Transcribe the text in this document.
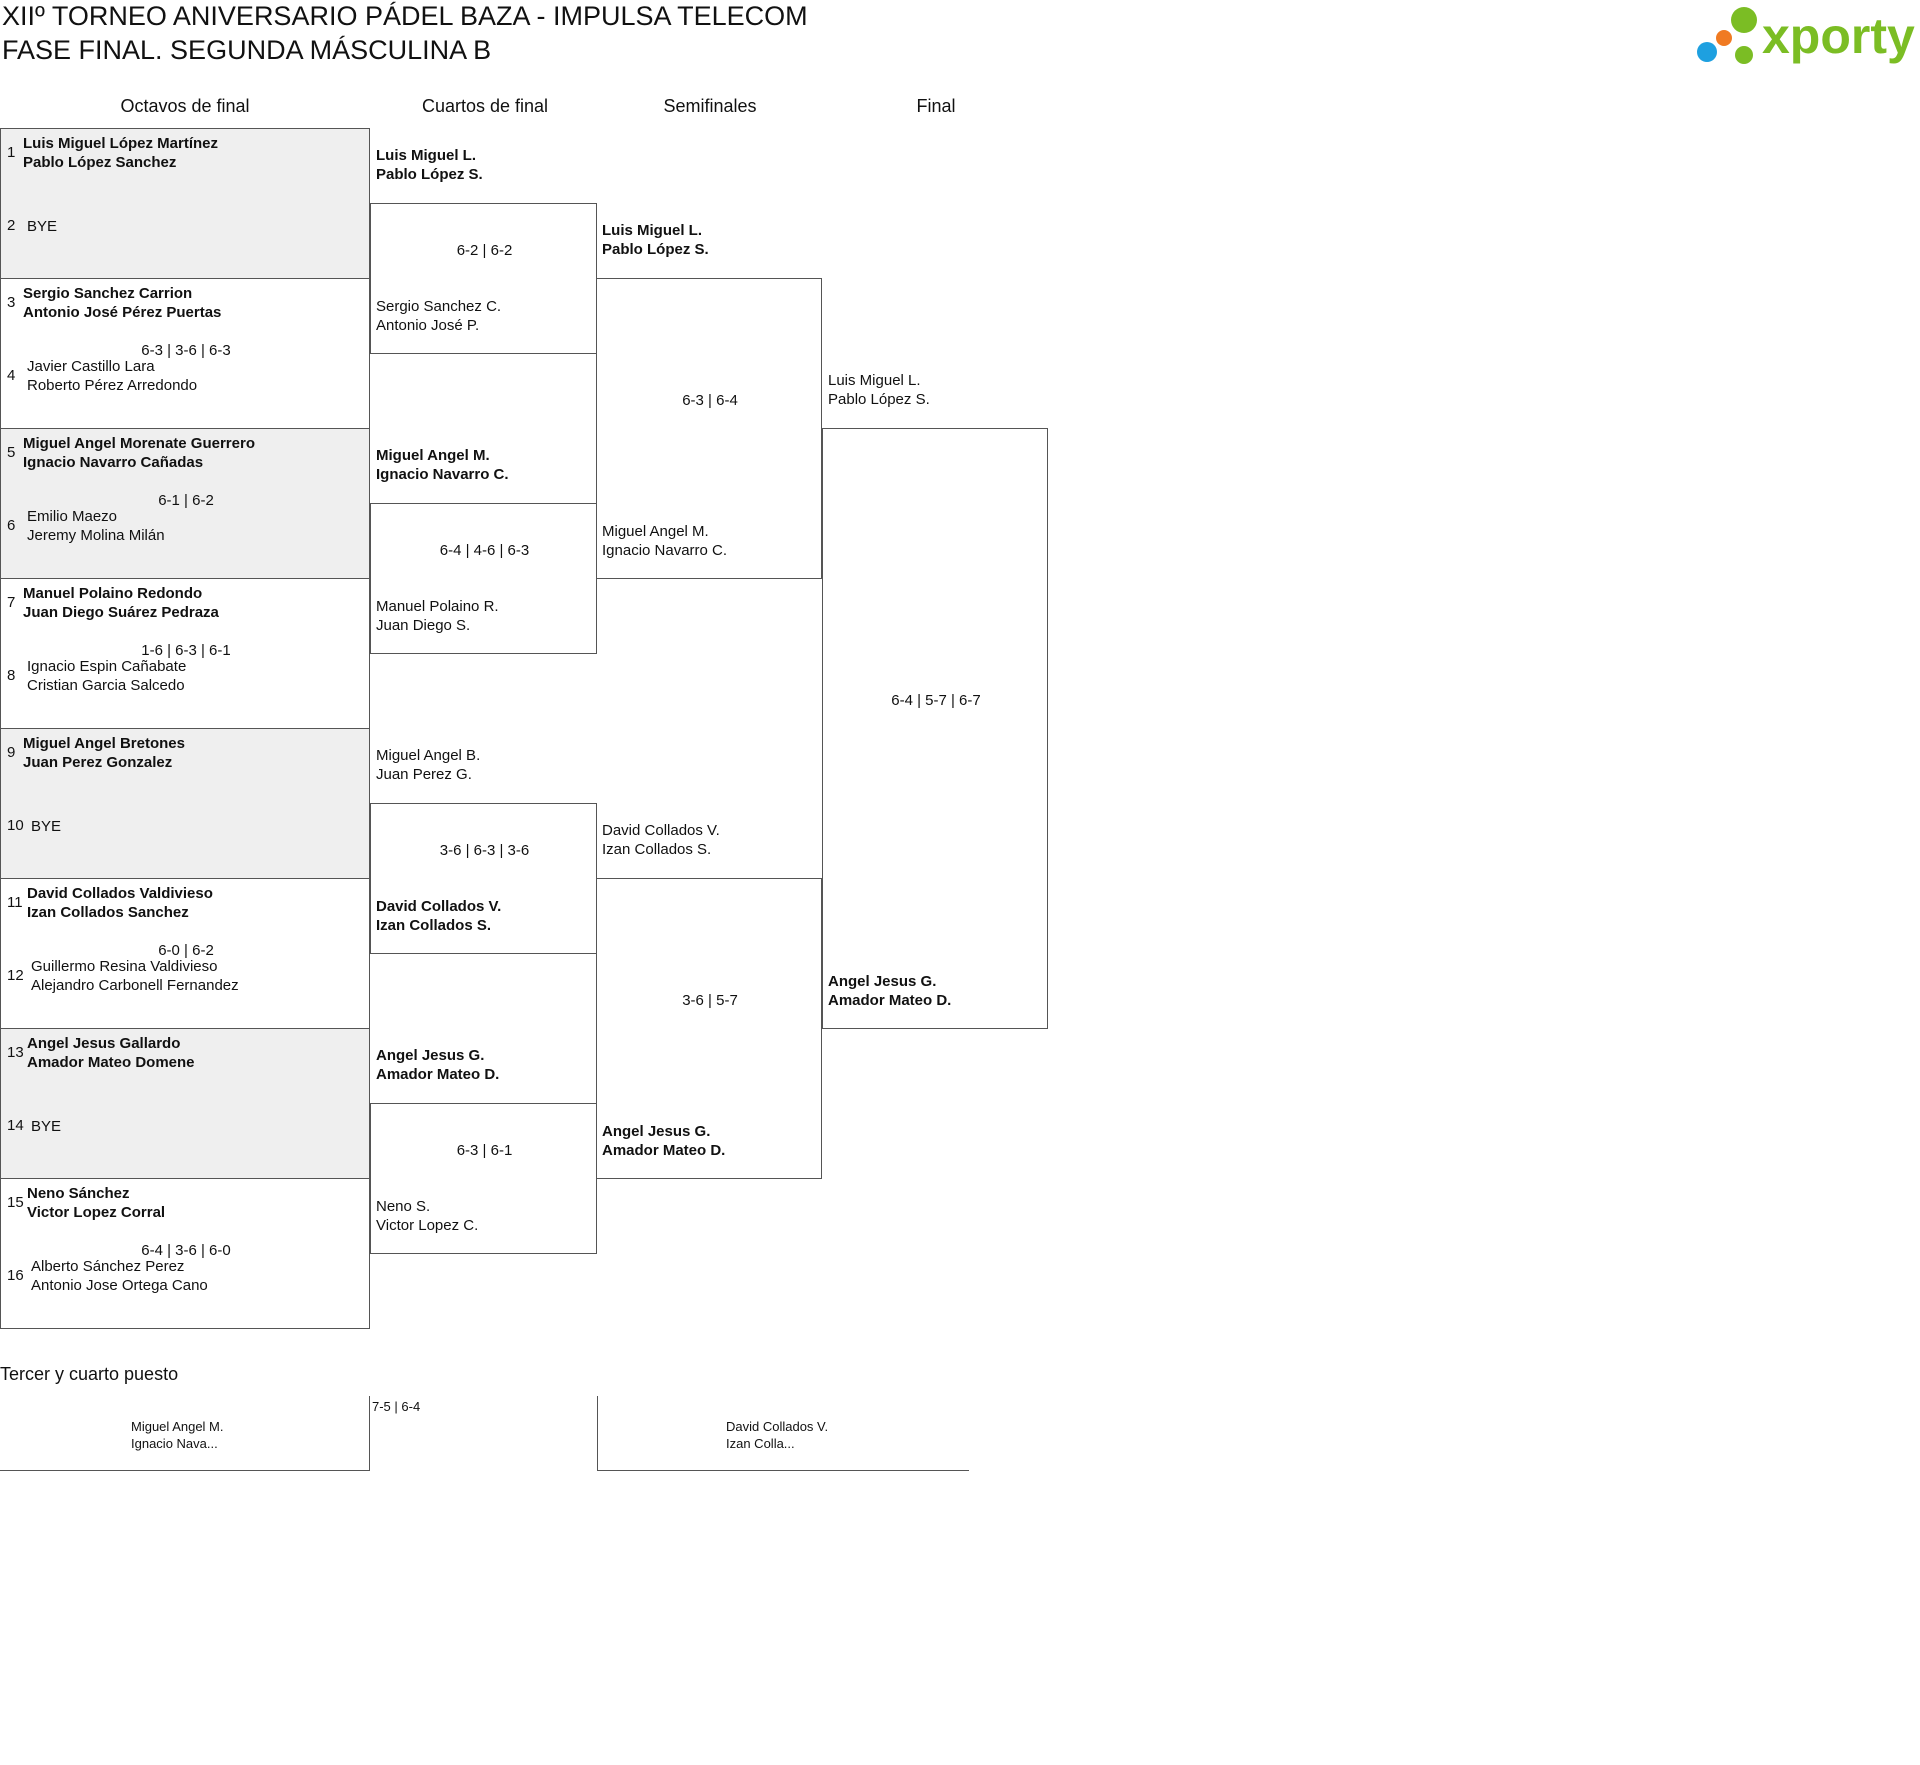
XIIº TORNEO ANIVERSARIO PÁDEL BAZA - IMPULSA TELECOM
FASE FINAL. SEGUNDA MÁSCULINA B	xporty
Octavos de final	Cuartos de final	Semifinales	Final
1
Luis Miguel López Martínez
Pablo López Sanchez
2 BYE
3
Sergio Sanchez Carrion
Antonio José Pérez Puertas
4
Javier Castillo Lara
Roberto Pérez Arredondo
6-3 | 3-6 | 6-3
5
Miguel Angel Morenate Guerrero
Ignacio Navarro Cañadas
6
Emilio Maezo
Jeremy Molina Milán
6-1 | 6-2
7
Manuel Polaino Redondo
Juan Diego Suárez Pedraza
8
Ignacio Espin Cañabate
Cristian Garcia Salcedo
1-6 | 6-3 | 6-1
9
Miguel Angel Bretones
Juan Perez Gonzalez
10 BYE
11
David Collados Valdivieso
Izan Collados Sanchez
12
Guillermo Resina Valdivieso
Alejandro Carbonell Fernandez
6-0 | 6-2
13
Angel Jesus Gallardo
Amador Mateo Domene
14 BYE
15
Neno Sánchez
Victor Lopez Corral
16
Alberto Sánchez Perez
Antonio Jose Ortega Cano
6-4 | 3-6 | 6-0
6-2 | 6-2
Luis Miguel L.
Pablo López S.
Sergio Sanchez C.
Antonio José P.
6-4 | 4-6 | 6-3
Miguel Angel M.
Ignacio Navarro C.
Manuel Polaino R.
Juan Diego S.
3-6 | 6-3 | 3-6
Miguel Angel B.
Juan Perez G.
David Collados V.
Izan Collados S.
6-3 | 6-1
Angel Jesus G.
Amador Mateo D.
Neno S.
Victor Lopez C.
6-3 | 6-4
Luis Miguel L.
Pablo López S.
Miguel Angel M.
Ignacio Navarro C.
3-6 | 5-7
David Collados V.
Izan Collados S.
Angel Jesus G.
Amador Mateo D.
6-4 | 5-7 | 6-7
Luis Miguel L.
Pablo López S.
Angel Jesus G.
Amador Mateo D.
Tercer y cuarto puesto
Miguel Angel M.
Ignacio Nava...
7-5 | 6-4
David Collados V.
Izan Colla...
